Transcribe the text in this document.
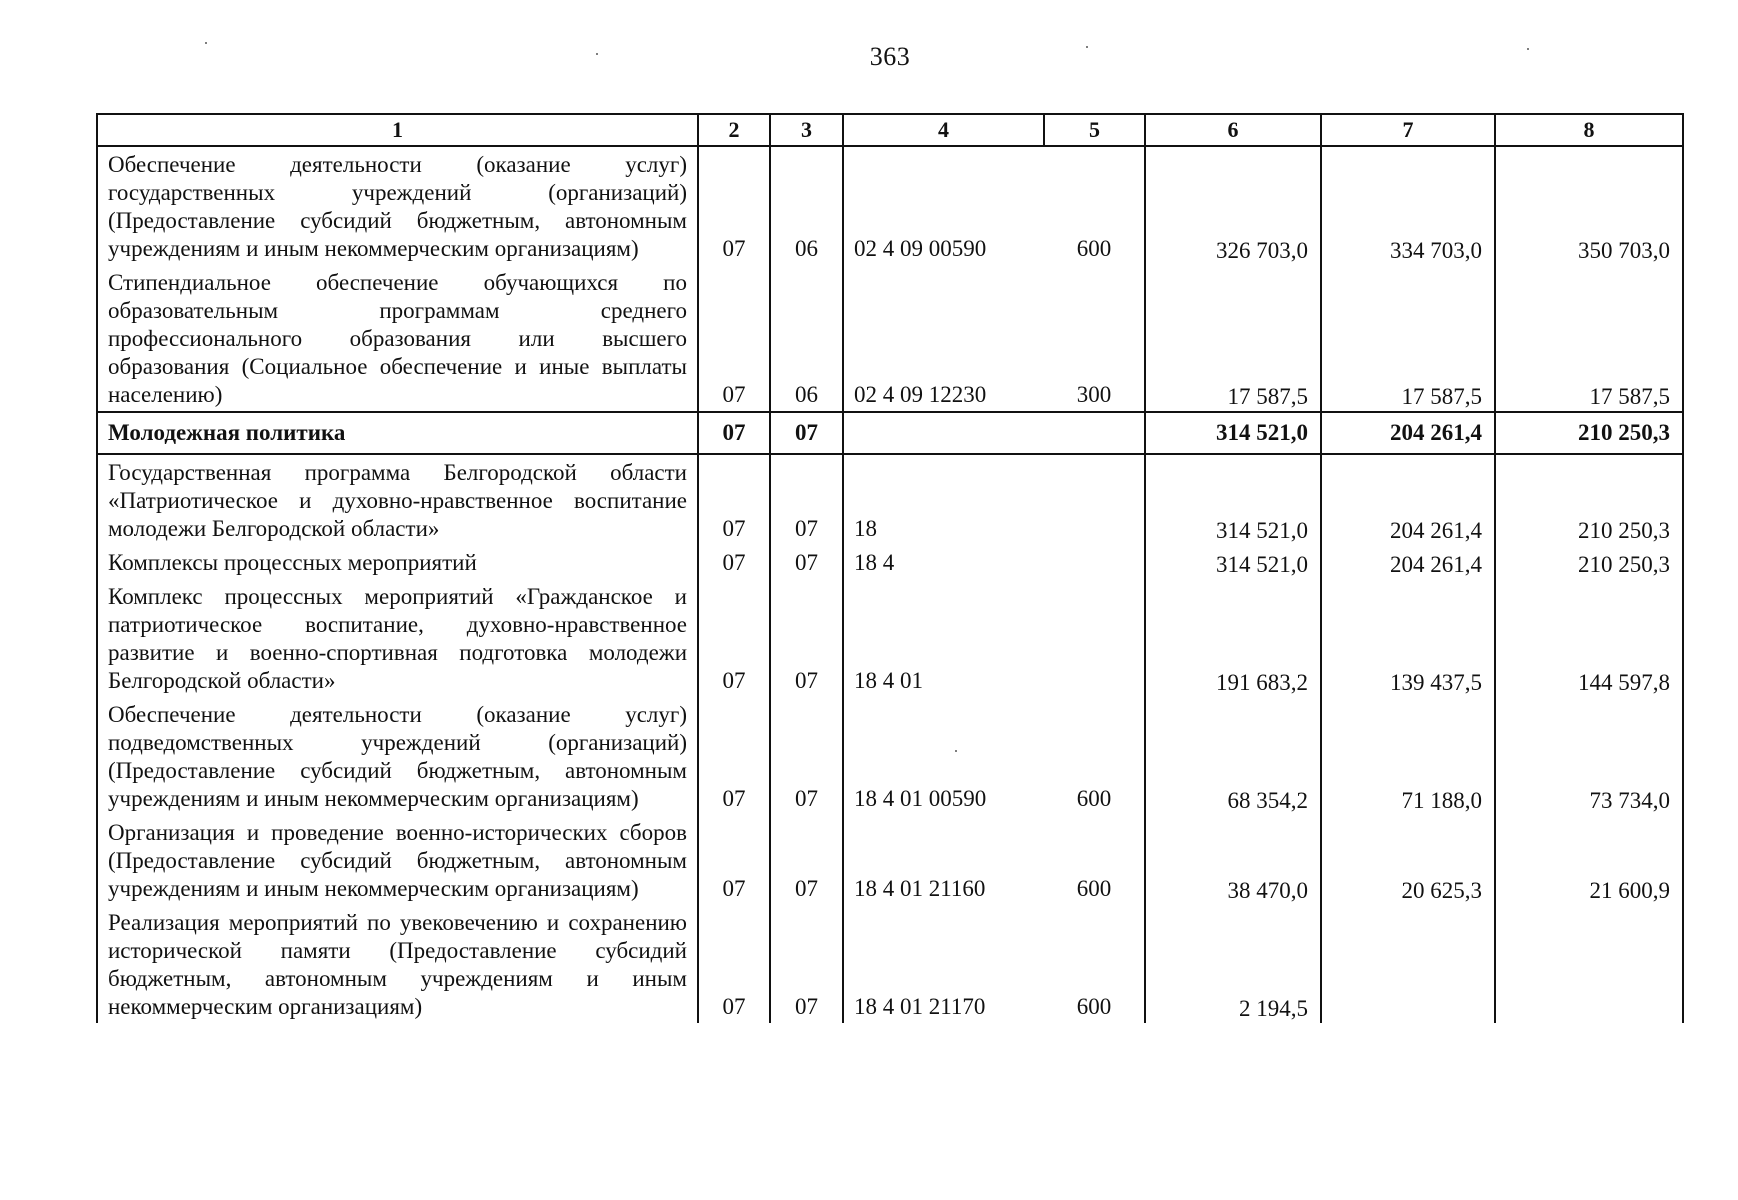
363
1	2	3	4	5	6	7	8
Обеспечение деятельности (оказание услуг) государственных учреждений (организаций) (Предоставление субсидий бюджетным, автономным учреждениям и иным некоммерческим организациям)	07	06	02 4 09 00590	600	326 703,0	334 703,0	350 703,0
Стипендиальное обеспечение обучающихся по образовательным программам среднего профессионального образования или высшего образования (Социальное обеспечение и иные выплаты населению)	07	06	02 4 09 12230	300	17 587,5	17 587,5	17 587,5
Молодежная политика	07	07			314 521,0	204 261,4	210 250,3
Государственная программа Белгородской области «Патриотическое и духовно-нравственное воспитание молодежи Белгородской области»	07	07	18		314 521,0	204 261,4	210 250,3
Комплексы процессных мероприятий	07	07	18 4		314 521,0	204 261,4	210 250,3
Комплекс процессных мероприятий «Гражданское и патриотическое воспитание, духовно-нравственное развитие и военно-спортивная подготовка молодежи Белгородской области»	07	07	18 4 01		191 683,2	139 437,5	144 597,8
Обеспечение деятельности (оказание услуг) подведомственных учреждений (организаций) (Предоставление субсидий бюджетным, автономным учреждениям и иным некоммерческим организациям)	07	07	18 4 01 00590	600	68 354,2	71 188,0	73 734,0
Организация и проведение военно-исторических сборов (Предоставление субсидий бюджетным, автономным учреждениям и иным некоммерческим организациям)	07	07	18 4 01 21160	600	38 470,0	20 625,3	21 600,9
Реализация мероприятий по увековечению и сохранению исторической памяти (Предоставление субсидий бюджетным, автономным учреждениям и иным некоммерческим организациям)	07	07	18 4 01 21170	600	2 194,5		
